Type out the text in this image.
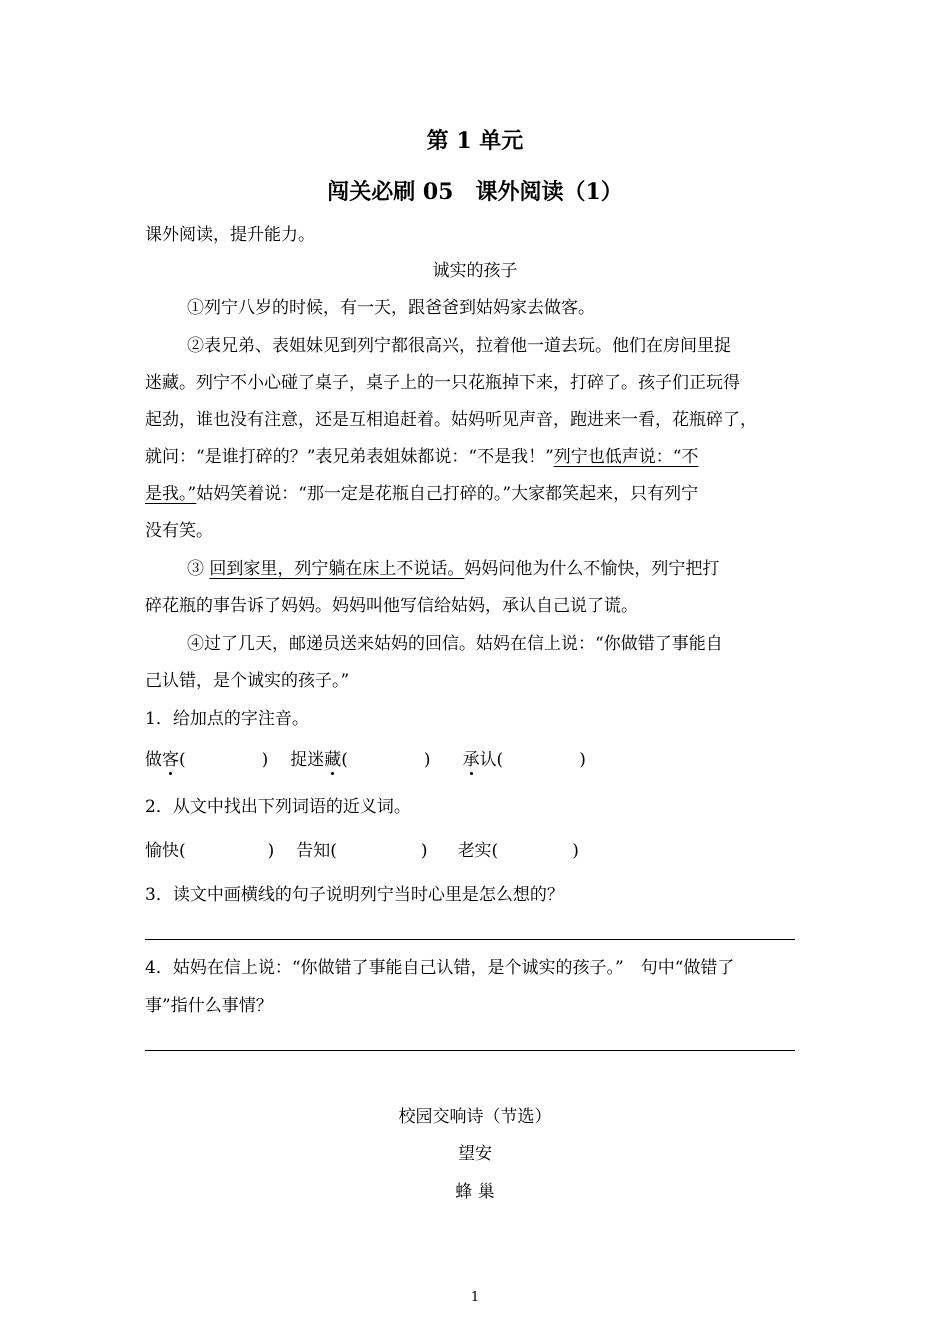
第 1 单元
闯关必刷 05　课外阅读（1）
课外阅读，提升能力。
诚实的孩子
①列宁八岁的时候，有一天，跟爸爸到姑妈家去做客。
②表兄弟、表姐妹见到列宁都很高兴，拉着他一道去玩。他们在房间里捉
迷藏。列宁不小心碰了桌子，桌子上的一只花瓶掉下来，打碎了。孩子们正玩得
起劲，谁也没有注意，还是互相追赶着。姑妈听见声音，跑进来一看，花瓶碎了，
就问：“是谁打碎的？”表兄弟表姐妹都说：“不是我！”列宁也低声说：“不
是我。”姑妈笑着说：“那一定是花瓶自己打碎的。”大家都笑起来，只有列宁
没有笑。
③ 回到家里，列宁躺在床上不说话。妈妈问他为什么不愉快，列宁把打
碎花瓶的事告诉了妈妈。妈妈叫他写信给姑妈，承认自己说了谎。
④过了几天，邮递员送来姑妈的回信。姑妈在信上说：“你做错了事能自
己认错，是个诚实的孩子。”
1．给加点的字注音。
做客(	) 捉迷藏(	) 承认(	)
2．从文中找出下列词语的近义词。
愉快(	) 告知(	) 老实(	)
3．读文中画横线的句子说明列宁当时心里是怎么想的？
4．姑妈在信上说：“你做错了事能自己认错，是个诚实的孩子。”　句中“做错了
事”指什么事情？
校园交响诗（节选）
望安
蜂 巢
1
